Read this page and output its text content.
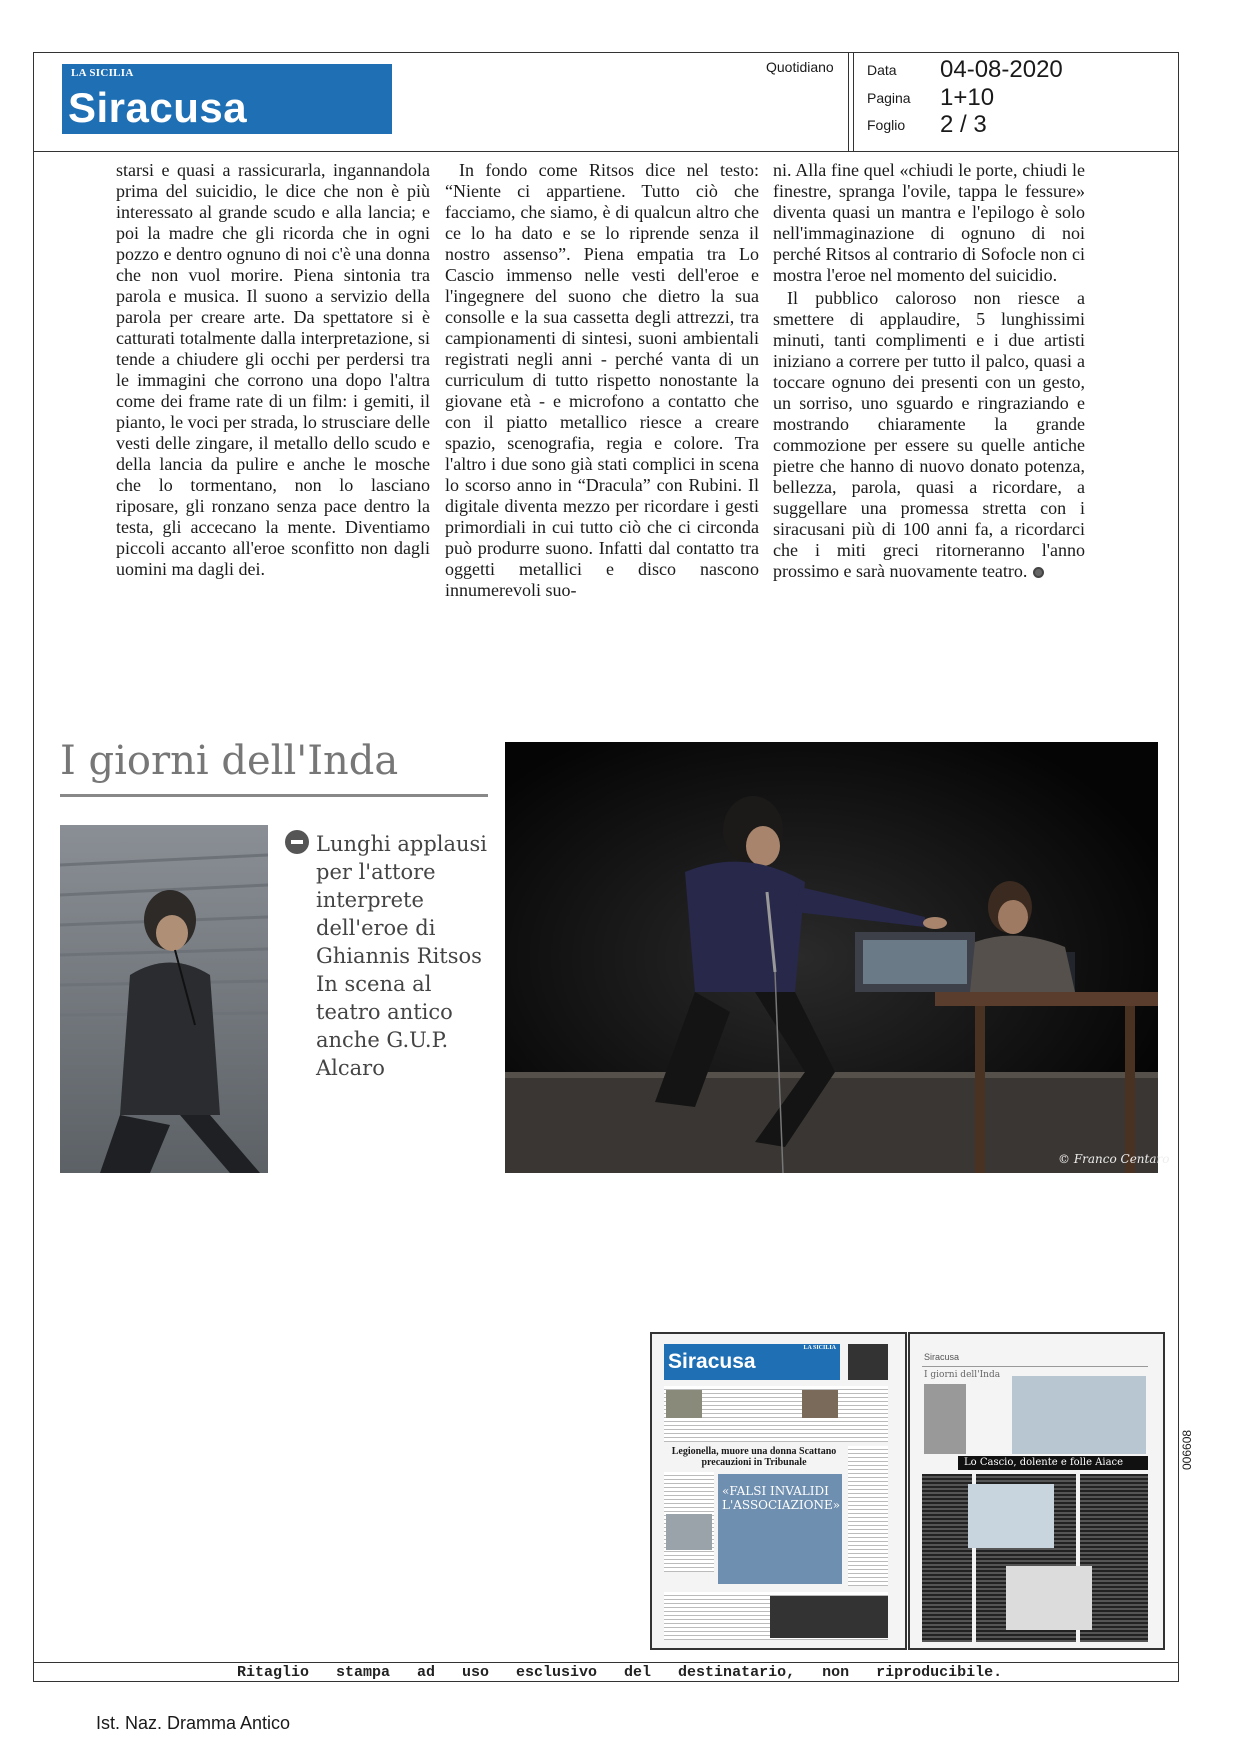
LA SICILIA
Siracusa
Quotidiano Data 04-08-2020
Pagina 1+10
Foglio 2 / 3

starsi e quasi a rassicurarla, ingannandola prima del suicidio, le dice che non è più interessato al grande scudo e alla lancia; e poi la madre che gli ricorda che in ogni pozzo e dentro ognuno di noi c'è una donna che non vuol morire. Piena sintonia tra parola e musica. Il suono a servizio della parola per creare arte. Da spettatore si è catturati totalmente dalla interpretazione, si tende a chiudere gli occhi per perdersi tra le immagini che corrono una dopo l'altra come dei frame rate di un film: i gemiti, il pianto, le voci per strada, lo strusciare delle vesti delle zingare, il metallo dello scudo e della lancia da pulire e anche le mosche che lo tormentano, non lo lasciano riposare, gli ronzano senza pace dentro la testa, gli accecano la mente. Diventiamo piccoli accanto all'eroe sconfitto non dagli uomini ma dagli dei.

In fondo come Ritsos dice nel testo: “Niente ci appartiene. Tutto ciò che facciamo, che siamo, è di qualcun altro che ce lo ha dato e se lo riprende senza il nostro assenso”. Piena empatia tra Lo Cascio immenso nelle vesti dell'eroe e l'ingegnere del suono che dietro la sua consolle e la sua cassetta degli attrezzi, tra campionamenti di sintesi, suoni ambientali registrati negli anni - perché vanta di un curriculum di tutto rispetto nonostante la giovane età - e microfono a contatto che con il piatto metallico riesce a creare spazio, scenografia, regia e colore. Tra l'altro i due sono già stati complici in scena lo scorso anno in “Dracula” con Rubini. Il digitale diventa mezzo per ricordare i gesti primordiali in cui tutto ciò che ci circonda può produrre suono. Infatti dal contatto tra oggetti metallici e disco nascono innumerevoli suo-

ni. Alla fine quel «chiudi le porte, chiudi le finestre, spranga l'ovile, tappa le fessure» diventa quasi un mantra e l'epilogo è solo nell'immaginazione di ognuno di noi perché Ritsos al contrario di Sofocle non ci mostra l'eroe nel momento del suicidio.

Il pubblico caloroso non riesce a smettere di applaudire, 5 lunghissimi minuti, tanti complimenti e i due artisti iniziano a correre per tutto il palco, quasi a toccare ognuno dei presenti con un gesto, un sorriso, uno sguardo e ringraziando e mostrando chiaramente la grande commozione per essere su quelle antiche pietre che hanno di nuovo donato potenza, bellezza, parola, quasi a ricordare, a suggellare una promessa stretta con i siracusani più di 100 anni fa, a ricordarci che i miti greci ritorneranno l'anno prossimo e sarà nuovamente teatro.

I giorni dell'Inda
Lunghi applausi per l'attore interprete dell'eroe di Ghiannis Ritsos In scena al teatro antico anche G.U.P. Alcaro
© Franco Centaro
Siracusa
LA SICILIA
Legionella, muore una donna Scattano precauzioni in Tribunale
«FALSI INVALIDI L'ASSOCIAZIONE»
Siracusa
I giorni dell'Inda
Lo Cascio, dolente e folle Aiace	006608
Ritaglio stampa ad uso esclusivo del destinatario, non riproducibile.
Ist. Naz. Dramma Antico
